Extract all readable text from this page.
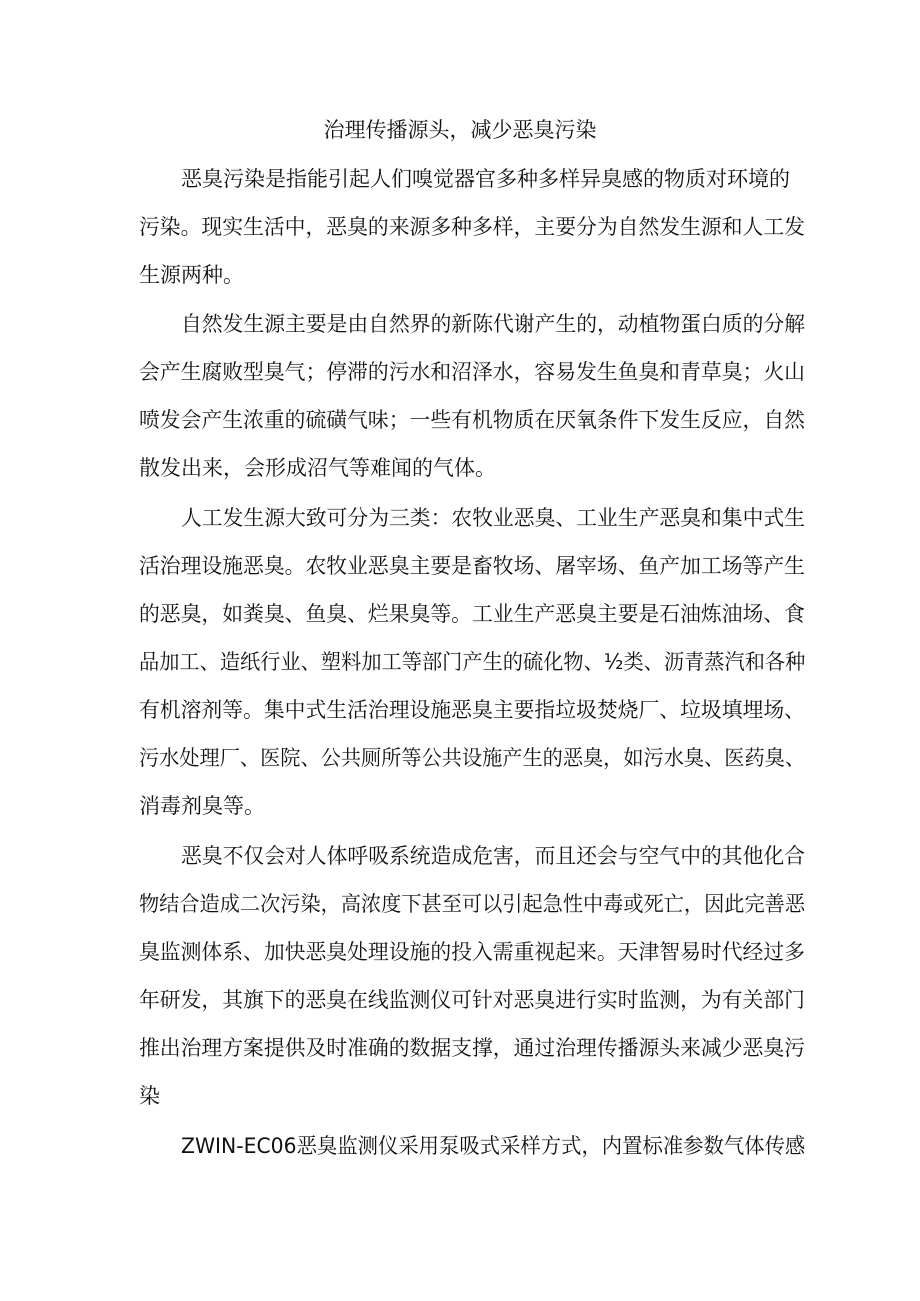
治理传播源头，减少恶臭污染
恶臭污染是指能引起人们嗅觉器官多种多样异臭感的物质对环境的
污染。现实生活中，恶臭的来源多种多样，主要分为自然发生源和人工发
生源两种。
自然发生源主要是由自然界的新陈代谢产生的，动植物蛋白质的分解
会产生腐败型臭气；停滞的污水和沼泽水，容易发生鱼臭和青草臭；火山
喷发会产生浓重的硫磺气味；一些有机物质在厌氧条件下发生反应，自然
散发出来，会形成沼气等难闻的气体。
人工发生源大致可分为三类：农牧业恶臭、工业生产恶臭和集中式生
活治理设施恶臭。农牧业恶臭主要是畜牧场、屠宰场、鱼产加工场等产生
的恶臭，如粪臭、鱼臭、烂果臭等。工业生产恶臭主要是石油炼油场、食
品加工、造纸行业、塑料加工等部门产生的硫化物、½类、沥青蒸汽和各种
有机溶剂等。集中式生活治理设施恶臭主要指垃圾焚烧厂、垃圾填埋场、
污水处理厂、医院、公共厕所等公共设施产生的恶臭，如污水臭、医药臭、
消毒剂臭等。
恶臭不仅会对人体呼吸系统造成危害，而且还会与空气中的其他化合
物结合造成二次污染，高浓度下甚至可以引起急性中毒或死亡，因此完善恶
臭监测体系、加快恶臭处理设施的投入需重视起来。天津智易时代经过多
年研发，其旗下的恶臭在线监测仪可针对恶臭进行实时监测，为有关部门
推出治理方案提供及时准确的数据支撑，通过治理传播源头来减少恶臭污
染
ZWIN-EC06恶臭监测仪采用泵吸式采样方式，内置标准参数气体传感
